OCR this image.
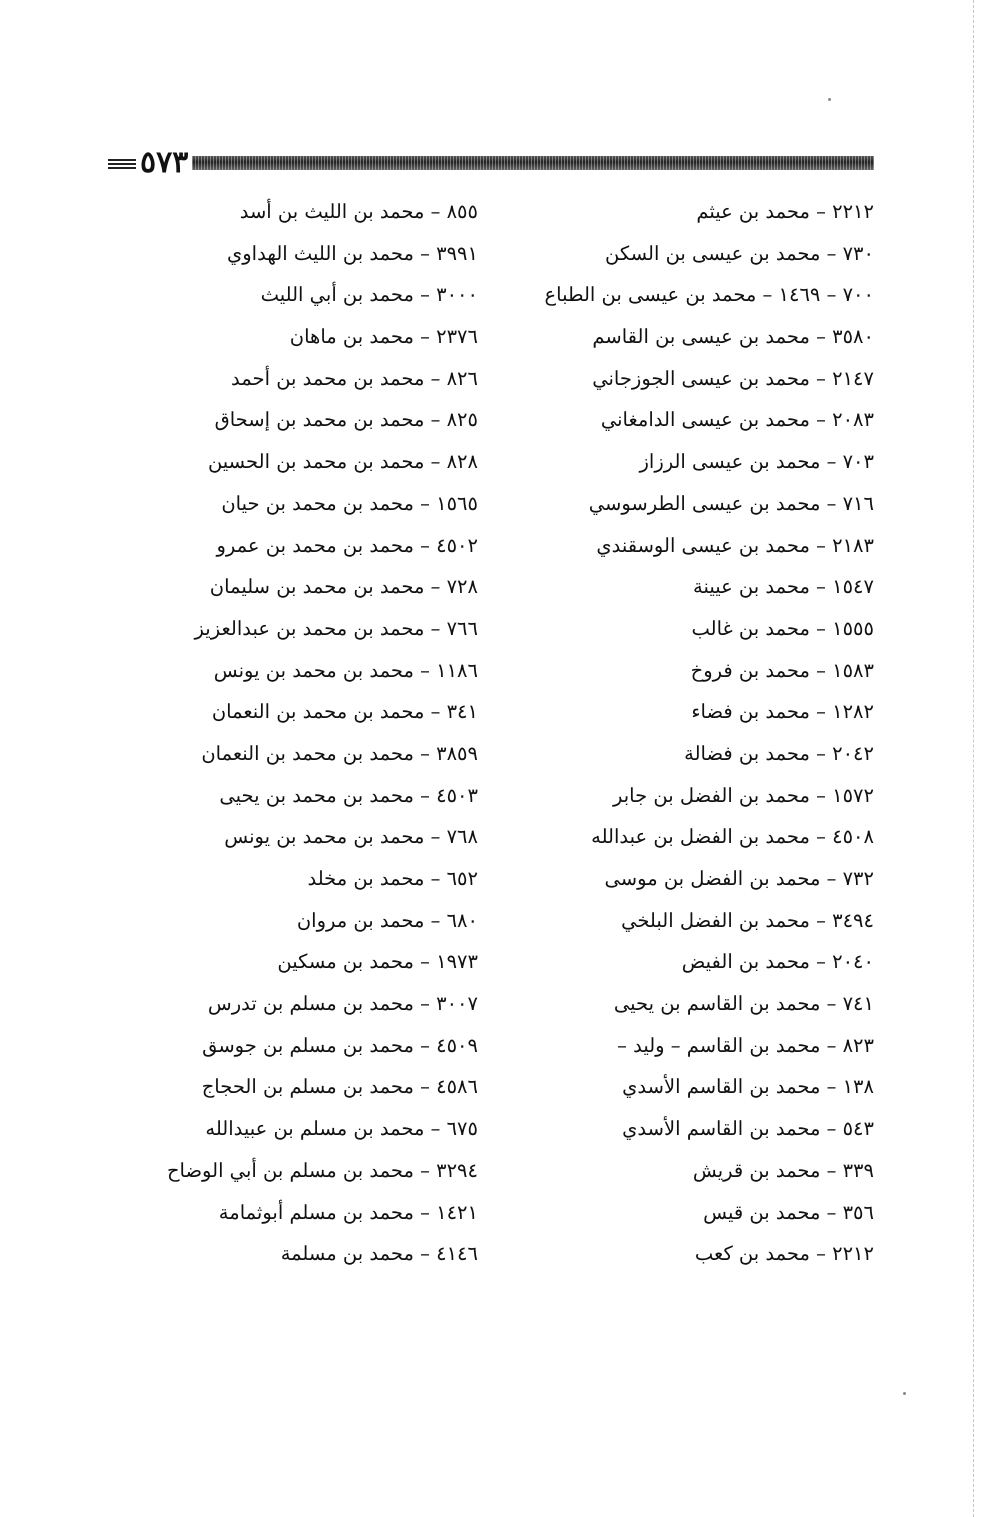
٥٧٣
٢٢١٢ – محمد بن عيثم
٧٣٠ – محمد بن عيسى بن السكن
٧٠٠ – ١٤٦٩ – محمد بن عيسى بن الطباع
٣٥٨٠ – محمد بن عيسى بن القاسم
٢١٤٧ – محمد بن عيسى الجوزجاني
٢٠٨٣ – محمد بن عيسى الدامغاني
٧٠٣ – محمد بن عيسى الرزاز
٧١٦ – محمد بن عيسى الطرسوسي
٢١٨٣ – محمد بن عيسى الوسقندي
١٥٤٧ – محمد بن عيينة
١٥٥٥ – محمد بن غالب
١٥٨٣ – محمد بن فروخ
١٢٨٢ – محمد بن فضاء
٢٠٤٢ – محمد بن فضالة
١٥٧٢ – محمد بن الفضل بن جابر
٤٥٠٨ – محمد بن الفضل بن عبدالله
٧٣٢ – محمد بن الفضل بن موسى
٣٤٩٤ – محمد بن الفضل البلخي
٢٠٤٠ – محمد بن الفيض
٧٤١ – محمد بن القاسم بن يحيى
٨٢٣ – محمد بن القاسم – وليد –
١٣٨ – محمد بن القاسم الأسدي
٥٤٣ – محمد بن القاسم الأسدي
٣٣٩ – محمد بن قريش
٣٥٦ – محمد بن قيس
٢٢١٢ – محمد بن كعب
٨٥٥ – محمد بن الليث بن أسد
٣٩٩١ – محمد بن الليث الهداوي
٣٠٠٠ – محمد بن أبي الليث
٢٣٧٦ – محمد بن ماهان
٨٢٦ – محمد بن محمد بن أحمد
٨٢٥ – محمد بن محمد بن إسحاق
٨٢٨ – محمد بن محمد بن الحسين
١٥٦٥ – محمد بن محمد بن حيان
٤٥٠٢ – محمد بن محمد بن عمرو
٧٢٨ – محمد بن محمد بن سليمان
٧٦٦ – محمد بن محمد بن عبدالعزيز
١١٨٦ – محمد بن محمد بن يونس
٣٤١ – محمد بن محمد بن النعمان
٣٨٥٩ – محمد بن محمد بن النعمان
٤٥٠٣ – محمد بن محمد بن يحيى
٧٦٨ – محمد بن محمد بن يونس
٦٥٢ – محمد بن مخلد
٦٨٠ – محمد بن مروان
١٩٧٣ – محمد بن مسكين
٣٠٠٧ – محمد بن مسلم بن تدرس
٤٥٠٩ – محمد بن مسلم بن جوسق
٤٥٨٦ – محمد بن مسلم بن الحجاج
٦٧٥ – محمد بن مسلم بن عبيدالله
٣٢٩٤ – محمد بن مسلم بن أبي الوضاح
١٤٢١ – محمد بن مسلم أبوثمامة
٤١٤٦ – محمد بن مسلمة
